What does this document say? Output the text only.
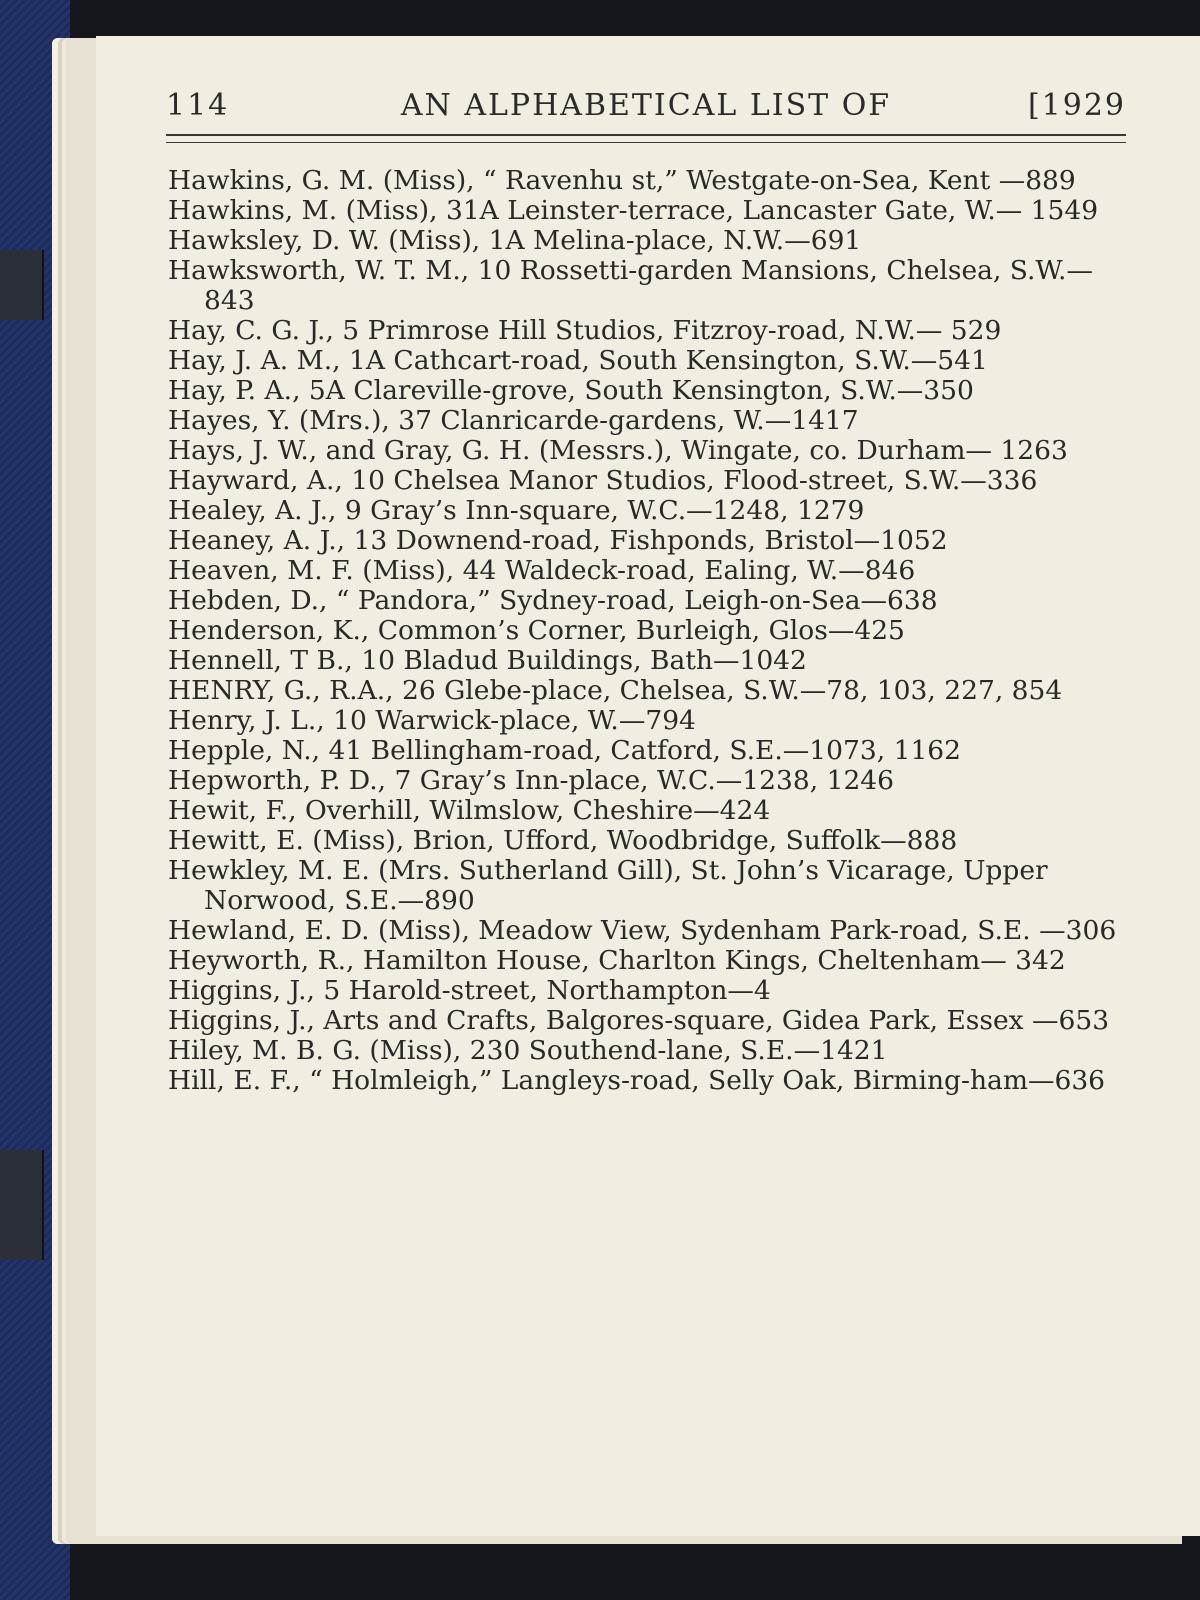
114	AN ALPHABETICAL LIST OF	[1929

Hawkins, G. M. (Miss), “ Ravenhu st,” Westgate-on-Sea, Kent —889

Hawkins, M. (Miss), 31A Leinster-terrace, Lancaster Gate, W.— 1549

Hawksley, D. W. (Miss), 1A Melina-place, N.W.—691

Hawksworth, W. T. M., 10 Rossetti-garden Mansions, Chelsea, S.W.—843

Hay, C. G. J., 5 Primrose Hill Studios, Fitzroy-road, N.W.— 529

Hay, J. A. M., 1A Cathcart-road, South Kensington, S.W.—541

Hay, P. A., 5A Clareville-grove, South Kensington, S.W.—350

Hayes, Y. (Mrs.), 37 Clanricarde-gardens, W.—1417

Hays, J. W., and Gray, G. H. (Messrs.), Wingate, co. Durham— 1263

Hayward, A., 10 Chelsea Manor Studios, Flood-street, S.W.—336

Healey, A. J., 9 Gray’s Inn-square, W.C.—1248, 1279

Heaney, A. J., 13 Downend-road, Fishponds, Bristol—1052

Heaven, M. F. (Miss), 44 Waldeck-road, Ealing, W.—846

Hebden, D., “ Pandora,” Sydney-road, Leigh-on-Sea—638

Henderson, K., Common’s Corner, Burleigh, Glos—425

Hennell, T B., 10 Bladud Buildings, Bath—1042

HENRY, G., R.A., 26 Glebe-place, Chelsea, S.W.—78, 103, 227, 854

Henry, J. L., 10 Warwick-place, W.—794

Hepple, N., 41 Bellingham-road, Catford, S.E.—1073, 1162

Hepworth, P. D., 7 Gray’s Inn-place, W.C.—1238, 1246

Hewit, F., Overhill, Wilmslow, Cheshire—424

Hewitt, E. (Miss), Brion, Ufford, Woodbridge, Suffolk—888

Hewkley, M. E. (Mrs. Sutherland Gill), St. John’s Vicarage, Upper Norwood, S.E.—890

Hewland, E. D. (Miss), Meadow View, Sydenham Park-road, S.E. —306

Heyworth, R., Hamilton House, Charlton Kings, Cheltenham— 342

Higgins, J., 5 Harold-street, Northampton—4

Higgins, J., Arts and Crafts, Balgores-square, Gidea Park, Essex —653

Hiley, M. B. G. (Miss), 230 Southend-lane, S.E.—1421

Hill, E. F., “ Holmleigh,” Langleys-road, Selly Oak, Birming-ham—636
